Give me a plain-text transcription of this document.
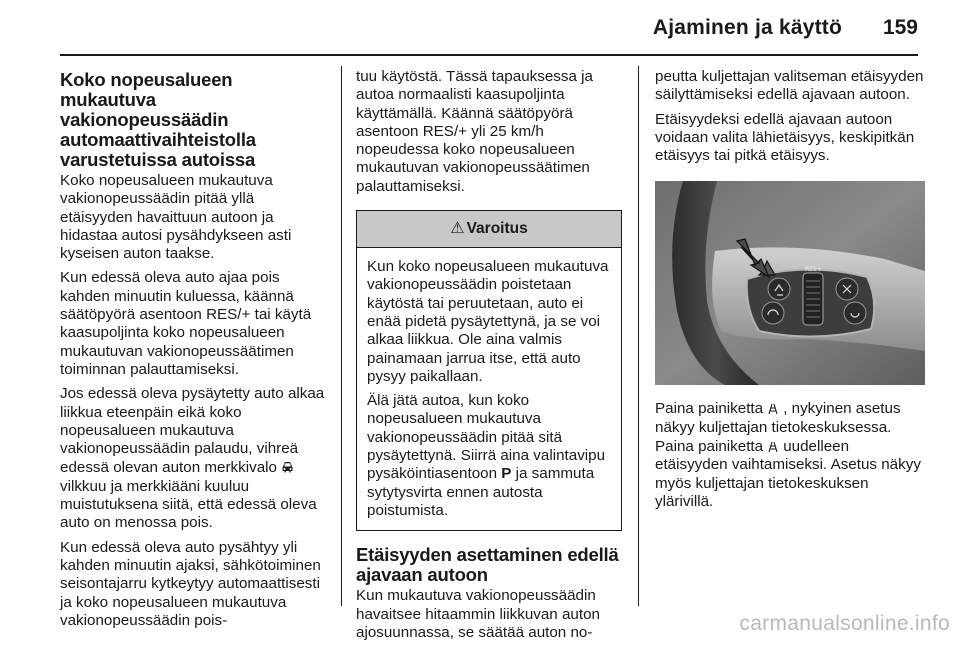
Ajaminen ja käyttö 159
Koko nopeusalueen mukautuva vakionopeussäädin automaattivaihteistolla varustetuissa autoissa

Koko nopeusalueen mukautuva vakionopeussäädin pitää yllä etäisyyden havaittuun autoon ja hidastaa autosi pysähdykseen asti kyseisen auton taakse.

Kun edessä oleva auto ajaa pois kahden minuutin kuluessa, käännä säätöpyörä asentoon RES/+ tai käytä kaasupoljinta koko nopeusalueen mukautuvan vakionopeussäätimen toiminnan palauttamiseksi.

Jos edessä oleva pysäytetty auto alkaa liikkua eteenpäin eikä koko nopeusalueen mukautuva vakionopeussäädin palaudu, vihreä edessä olevan auton merkkivalo  vilkkuu ja merkkiääni kuuluu muistutuksena siitä, että edessä oleva auto on menossa pois.

Kun edessä oleva auto pysähtyy yli kahden minuutin ajaksi, sähkötoiminen seisontajarru kytkeytyy automaattisesti ja koko nopeusalueen mukautuva vakionopeussäädin pois-

tuu käytöstä. Tässä tapauksessa ja autoa normaalisti kaasupoljinta käyttämällä. Käännä säätöpyörä asentoon RES/+ yli 25 km/h nopeudessa koko nopeusalueen mukautuvan vakionopeussäätimen palauttamiseksi.

⚠ Varoitus

Kun koko nopeusalueen mukautuva vakionopeussäädin poistetaan käytöstä tai peruutetaan, auto ei enää pidetä pysäytettynä, ja se voi alkaa liikkua. Ole aina valmis painamaan jarrua itse, että auto pysyy paikallaan.

Älä jätä autoa, kun koko nopeusalueen mukautuva vakionopeussäädin pitää sitä pysäytettynä. Siirrä aina valintavipu pysäköintiasentoon P ja sammuta sytytysvirta ennen autosta poistumista.

Etäisyyden asettaminen edellä ajavaan autoon

Kun mukautuva vakionopeussäädin havaitsee hitaammin liikkuvan auton ajosuunnassa, se säätää auton no-

peutta kuljettajan valitseman etäisyyden säilyttämiseksi edellä ajavaan autoon.

Etäisyydeksi edellä ajavaan autoon voidaan valita lähietäisyys, keskipitkän etäisyys tai pitkä etäisyys.

RES+

Paina painiketta , nykyinen asetus näkyy kuljettajan tietokeskuksessa. Paina painiketta uudelleen etäisyyden vaihtamiseksi. Asetus näkyy myös kuljettajan tietokeskuksen ylärivillä.

carmanualsonline.info
